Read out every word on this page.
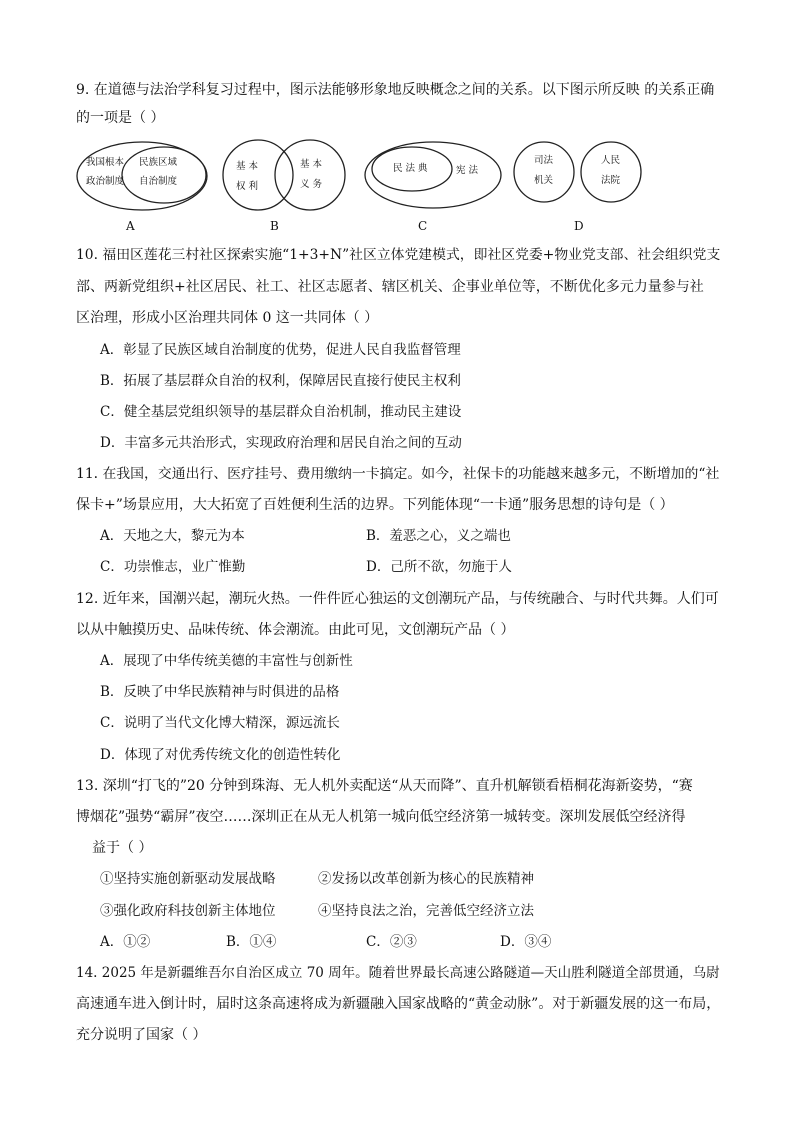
9. 在道德与法治学科复习过程中，图示法能够形象地反映概念之间的关系。以下图示所反映 的关系正确
的一项是（ ）
我国根本
政治制度
民族区域
自治制度
A
基 本
权 利
基 本
义 务
B
民 法 典	宪 法
C
司法
机关
人民
法院
D
10. 福田区莲花三村社区探索实施“1+3+N”社区立体党建模式，即社区党委+物业党支部、社会组织党支
部、两新党组织+社区居民、社工、社区志愿者、辖区机关、企事业单位等，不断优化多元力量参与社
区治理，形成小区治理共同体 0 这一共同体（ ）
A．彰显了民族区域自治制度的优势，促进人民自我监督管理
B．拓展了基层群众自治的权利，保障居民直接行使民主权利
C．健全基层党组织领导的基层群众自治机制，推动民主建设
D．丰富多元共治形式，实现政府治理和居民自治之间的互动
11. 在我国，交通出行、医疗挂号、费用缴纳一卡搞定。如今，社保卡的功能越来越多元，不断增加的“社
保卡+”场景应用，大大拓宽了百姓便利生活的边界。下列能体现“一卡通”服务思想的诗句是（ ）
A．天地之大，黎元为本	B．羞恶之心，义之端也
C．功崇惟志，业广惟勤	D．己所不欲，勿施于人
12. 近年来，国潮兴起，潮玩火热。一件件匠心独运的文创潮玩产品，与传统融合、与时代共舞。人们可
以从中触摸历史、品味传统、体会潮流。由此可见，文创潮玩产品（ ）
A．展现了中华传统美德的丰富性与创新性
B．反映了中华民族精神与时俱进的品格
C．说明了当代文化博大精深，源远流长
D．体现了对优秀传统文化的创造性转化
13. 深圳“打飞的”20 分钟到珠海、无人机外卖配送“从天而降”、直升机解锁看梧桐花海新姿势，“赛
博烟花”强势“霸屏”夜空……深圳正在从无人机第一城向低空经济第一城转变。深圳发展低空经济得
益于（ ）
①坚持实施创新驱动发展战略	②发扬以改革创新为核心的民族精神
③强化政府科技创新主体地位	④坚持良法之治，完善低空经济立法
A．①②	B．①④	C．②③	D．③④
14. 2025 年是新疆维吾尔自治区成立 70 周年。随着世界最长高速公路隧道—天山胜利隧道全部贯通，乌尉
高速通车进入倒计时，届时这条高速将成为新疆融入国家战略的“黄金动脉”。对于新疆发展的这一布局，
充分说明了国家（ ）
